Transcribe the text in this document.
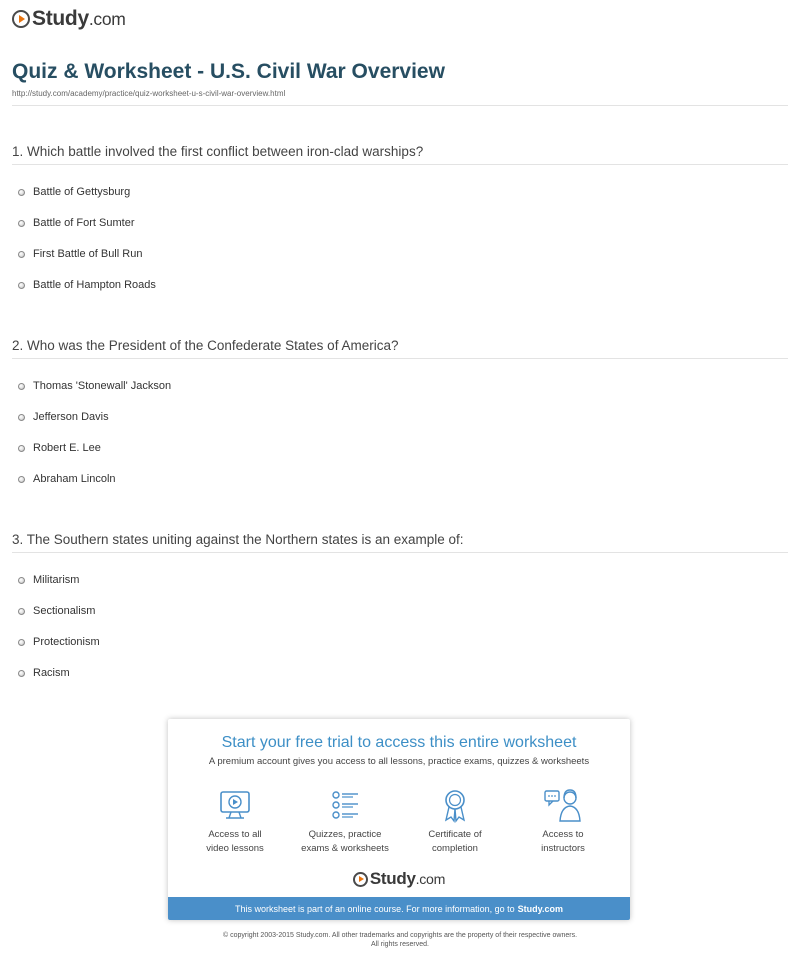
Study.com
Quiz & Worksheet - U.S. Civil War Overview
http://study.com/academy/practice/quiz-worksheet-u-s-civil-war-overview.html
1. Which battle involved the first conflict between iron-clad warships?
Battle of Gettysburg
Battle of Fort Sumter
First Battle of Bull Run
Battle of Hampton Roads
2. Who was the President of the Confederate States of America?
Thomas 'Stonewall' Jackson
Jefferson Davis
Robert E. Lee
Abraham Lincoln
3. The Southern states uniting against the Northern states is an example of:
Militarism
Sectionalism
Protectionism
Racism
Start your free trial to access this entire worksheet
A premium account gives you access to all lessons, practice exams, quizzes & worksheets
Access to all
video lessons
Quizzes, practice
exams & worksheets
Certificate of
completion
Access to
instructors
Study.com
This worksheet is part of an online course. For more information, go to Study.com
© copyright 2003-2015 Study.com. All other trademarks and copyrights are the property of their respective owners.
All rights reserved.
